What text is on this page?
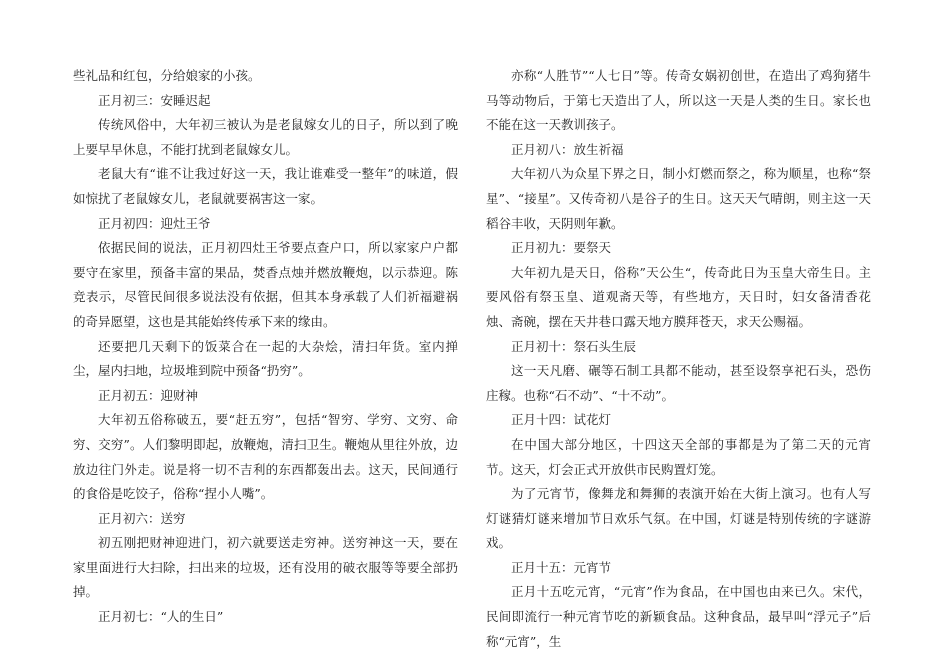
些礼品和红包，分给娘家的小孩。

正月初三：安睡迟起

传统风俗中，大年初三被认为是老鼠嫁女儿的日子，所以到了晚上要早早休息，不能打扰到老鼠嫁女儿。

老鼠大有“谁不让我过好这一天，我让谁难受一整年”的味道，假如惊扰了老鼠嫁女儿，老鼠就要祸害这一家。

正月初四：迎灶王爷

依据民间的说法，正月初四灶王爷要点查户口，所以家家户户都要守在家里，预备丰富的果品，焚香点烛并燃放鞭炮，以示恭迎。陈竞表示，尽管民间很多说法没有依据，但其本身承载了人们祈福避祸的奇异愿望，这也是其能始终传承下来的缘由。

还要把几天剩下的饭菜合在一起的大杂烩，清扫年货。室内掸尘，屋内扫地，垃圾堆到院中预备“扔穷”。

正月初五：迎财神

大年初五俗称破五，要“赶五穷”，包括“智穷、学穷、文穷、命穷、交穷”。人们黎明即起，放鞭炮，清扫卫生。鞭炮从里往外放，边放边往门外走。说是将一切不吉利的东西都轰出去。这天，民间通行的食俗是吃饺子，俗称“捏小人嘴”。

正月初六：送穷

初五刚把财神迎进门，初六就要送走穷神。送穷神这一天，要在家里面进行大扫除，扫出来的垃圾，还有没用的破衣服等等要全部扔掉。

正月初七：“人的生日”

亦称“人胜节”“人七日”等。传奇女娲初创世，在造出了鸡狗猪牛马等动物后，于第七天造出了人，所以这一天是人类的生日。家长也不能在这一天教训孩子。

正月初八：放生祈福

大年初八为众星下界之日，制小灯燃而祭之，称为顺星，也称“祭星”、“接星”。又传奇初八是谷子的生日。这天天气晴朗，则主这一天稻谷丰收，天阴则年歉。

正月初九：要祭天

大年初九是天日，俗称”天公生“，传奇此日为玉皇大帝生日。主要风俗有祭玉皇、道观斋天等，有些地方，天日时，妇女备清香花烛、斋碗，摆在天井巷口露天地方膜拜苍天，求天公赐福。

正月初十：祭石头生辰

这一天凡磨、碾等石制工具都不能动，甚至设祭享祀石头，恐伤庄稼。也称“石不动”、“十不动”。

正月十四：试花灯

在中国大部分地区，十四这天全部的事都是为了第二天的元宵节。这天，灯会正式开放供市民购置灯笼。

为了元宵节，像舞龙和舞狮的表演开始在大街上演习。也有人写灯谜猜灯谜来增加节日欢乐气氛。在中国，灯谜是特别传统的字谜游戏。

正月十五：元宵节

正月十五吃元宵，“元宵”作为食品，在中国也由来已久。宋代，民间即流行一种元宵节吃的新颖食品。这种食品，最早叫“浮元子”后称“元宵”，生
